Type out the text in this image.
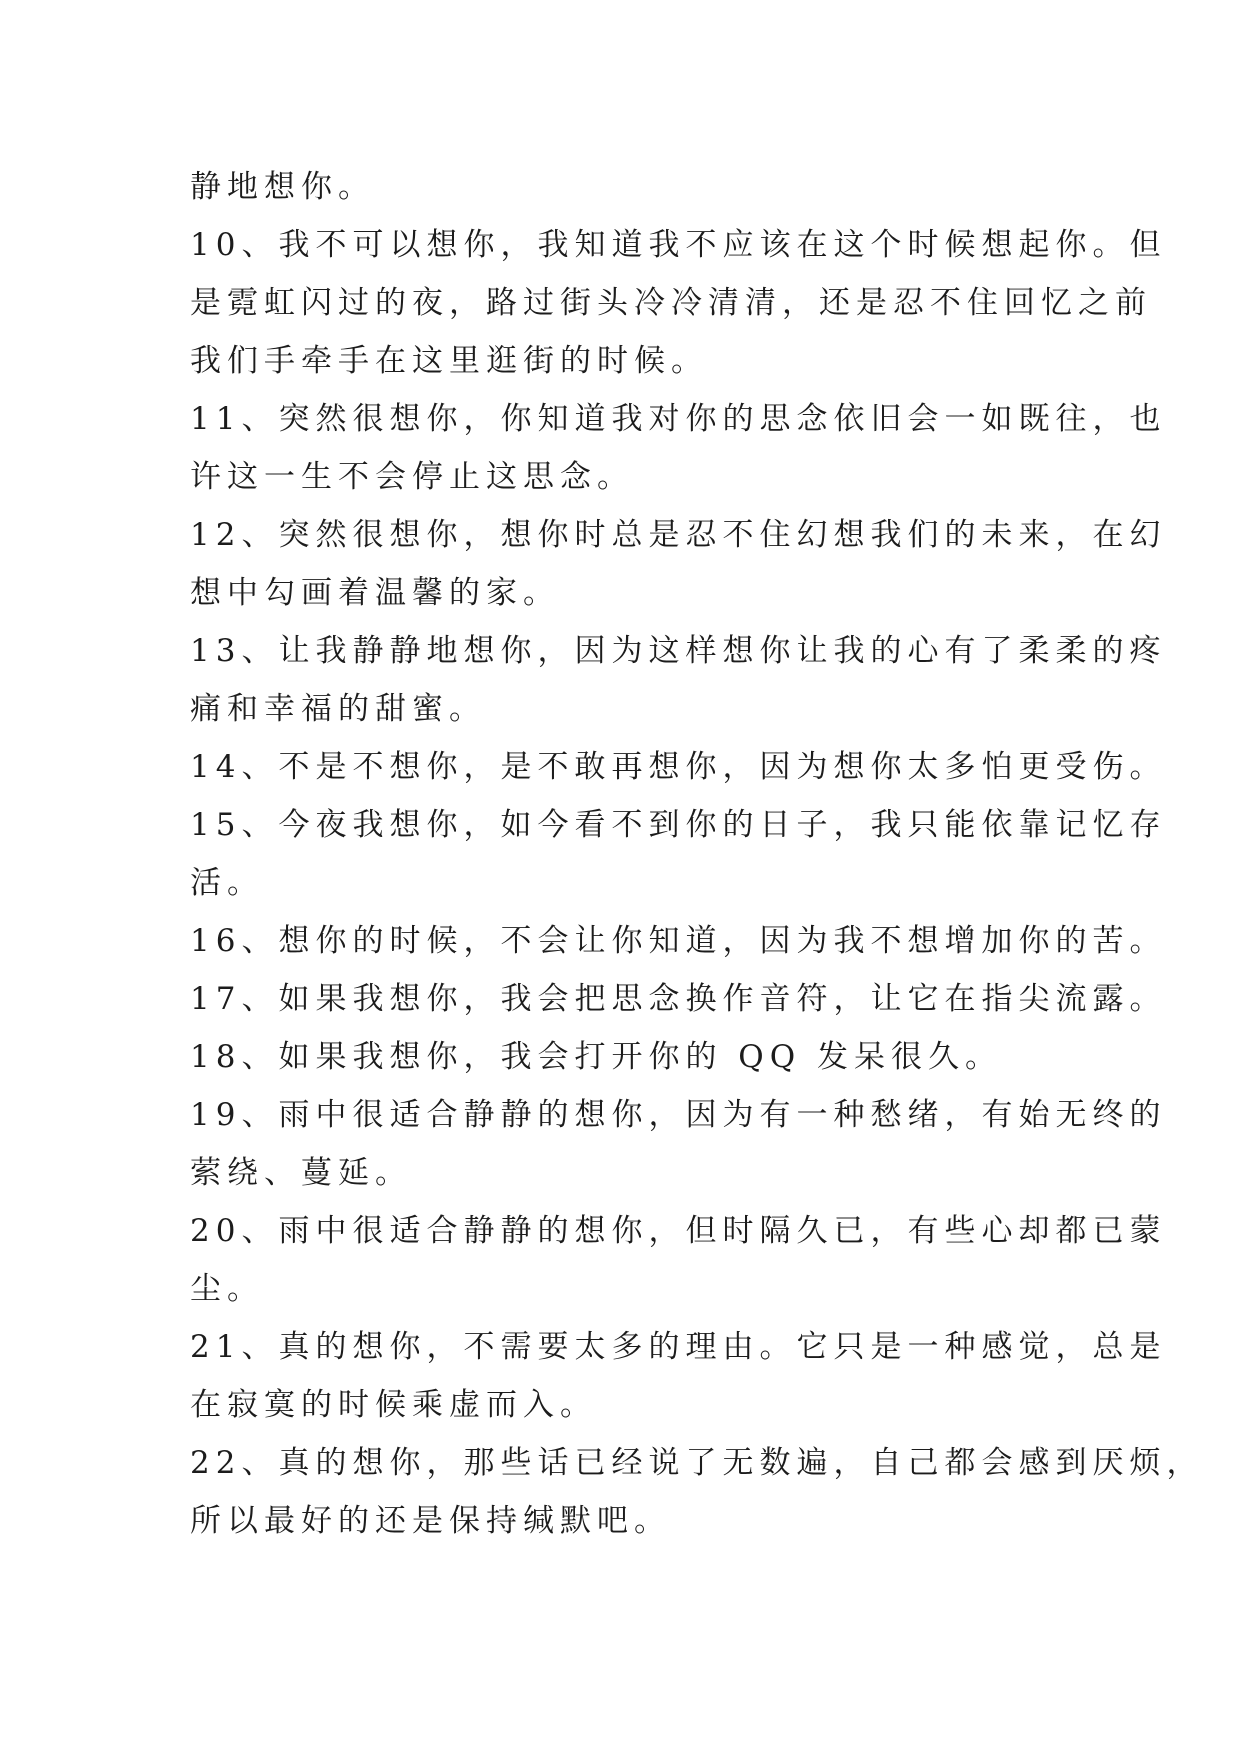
静地想你。
10、我不可以想你，我知道我不应该在这个时候想起你。但
是霓虹闪过的夜，路过街头冷冷清清，还是忍不住回忆之前
我们手牵手在这里逛街的时候。
11、突然很想你，你知道我对你的思念依旧会一如既往，也
许这一生不会停止这思念。
12、突然很想你，想你时总是忍不住幻想我们的未来，在幻
想中勾画着温馨的家。
13、让我静静地想你，因为这样想你让我的心有了柔柔的疼
痛和幸福的甜蜜。
14、不是不想你，是不敢再想你，因为想你太多怕更受伤。
15、今夜我想你，如今看不到你的日子，我只能依靠记忆存
活。
16、想你的时候，不会让你知道，因为我不想增加你的苦。
17、如果我想你，我会把思念换作音符，让它在指尖流露。
18、如果我想你，我会打开你的 QQ 发呆很久。
19、雨中很适合静静的想你，因为有一种愁绪，有始无终的
萦绕、蔓延。
20、雨中很适合静静的想你，但时隔久已，有些心却都已蒙
尘。
21、真的想你，不需要太多的理由。它只是一种感觉，总是
在寂寞的时候乘虚而入。
22、真的想你，那些话已经说了无数遍，自己都会感到厌烦，
所以最好的还是保持缄默吧。
